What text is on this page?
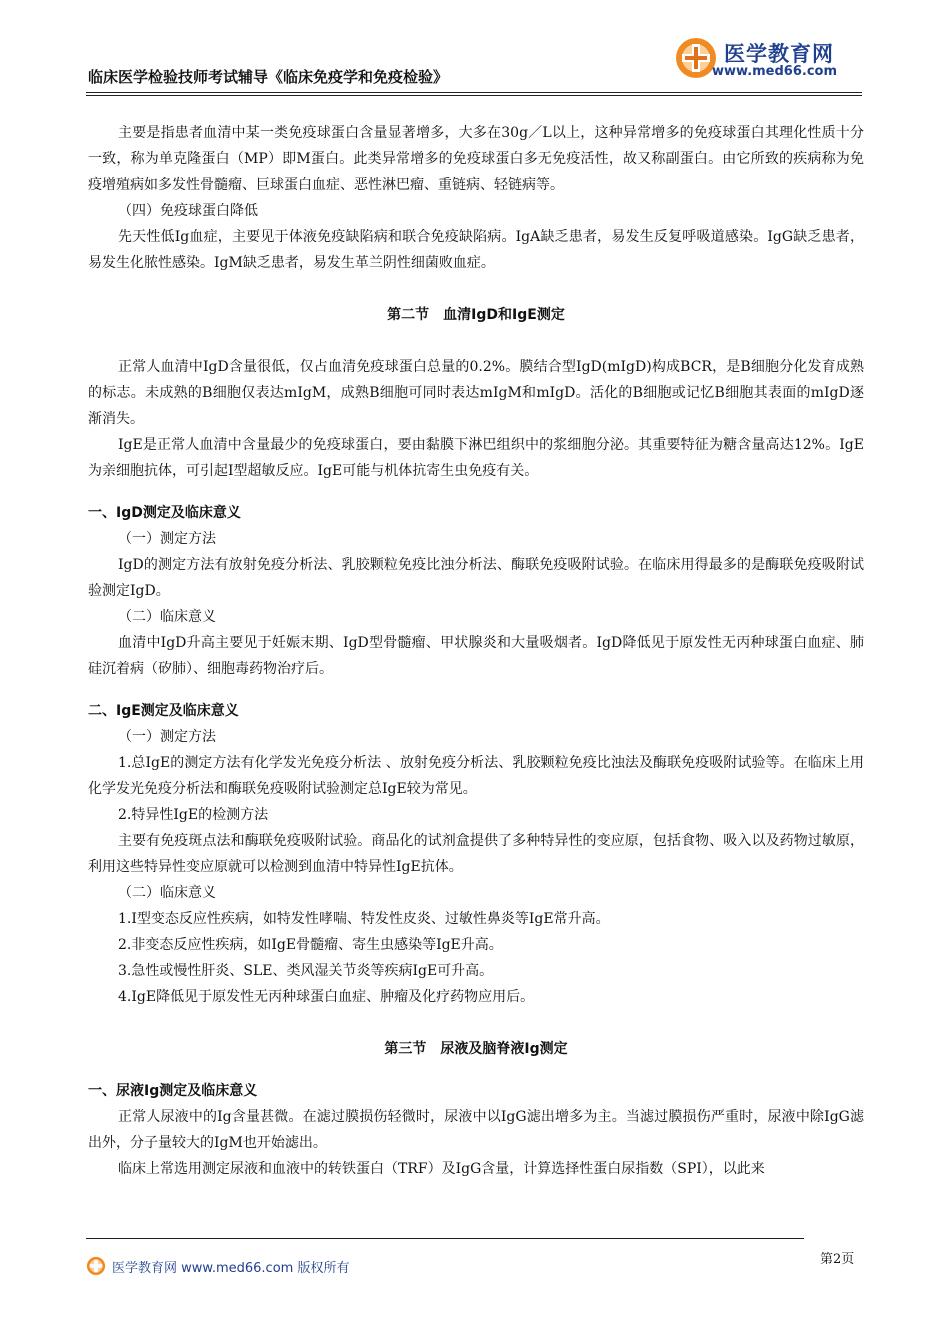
临床医学检验技师考试辅导《临床免疫学和免疫检验》
医学教育网
www.med66.com

主要是指患者血清中某一类免疫球蛋白含量显著增多，大多在30g／L以上，这种异常增多的免疫球蛋白其理化性质十分一致，称为单克隆蛋白（MP）即M蛋白。此类异常增多的免疫球蛋白多无免疫活性，故又称副蛋白。由它所致的疾病称为免疫增殖病如多发性骨髓瘤、巨球蛋白血症、恶性淋巴瘤、重链病、轻链病等。

（四）免疫球蛋白降低

先天性低Ig血症，主要见于体液免疫缺陷病和联合免疫缺陷病。IgA缺乏患者，易发生反复呼吸道感染。IgG缺乏患者，易发生化脓性感染。IgM缺乏患者，易发生革兰阴性细菌败血症。

第二节　血清IgD和IgE测定

正常人血清中IgD含量很低，仅占血清免疫球蛋白总量的0.2%。膜结合型IgD(mIgD)构成BCR，是B细胞分化发育成熟的标志。未成熟的B细胞仅表达mIgM，成熟B细胞可同时表达mIgM和mIgD。活化的B细胞或记忆B细胞其表面的mIgD逐渐消失。

IgE是正常人血清中含量最少的免疫球蛋白，要由黏膜下淋巴组织中的浆细胞分泌。其重要特征为糖含量高达12%。IgE为亲细胞抗体，可引起Ⅰ型超敏反应。IgE可能与机体抗寄生虫免疫有关。

一、IgD测定及临床意义

（一）测定方法

IgD的测定方法有放射免疫分析法、乳胶颗粒免疫比浊分析法、酶联免疫吸附试验。在临床用得最多的是酶联免疫吸附试验测定IgD。

（二）临床意义

血清中IgD升高主要见于妊娠末期、IgD型骨髓瘤、甲状腺炎和大量吸烟者。IgD降低见于原发性无丙种球蛋白血症、肺硅沉着病（矽肺）、细胞毒药物治疗后。

二、IgE测定及临床意义

（一）测定方法

1.总IgE的测定方法有化学发光免疫分析法 、放射免疫分析法、乳胶颗粒免疫比浊法及酶联免疫吸附试验等。在临床上用化学发光免疫分析法和酶联免疫吸附试验测定总IgE较为常见。

2.特异性IgE的检测方法

主要有免疫斑点法和酶联免疫吸附试验。商品化的试剂盒提供了多种特异性的变应原，包括食物、吸入以及药物过敏原，利用这些特异性变应原就可以检测到血清中特异性IgE抗体。

（二）临床意义

1.Ⅰ型变态反应性疾病，如特发性哮喘、特发性皮炎、过敏性鼻炎等IgE常升高。

2.非变态反应性疾病，如IgE骨髓瘤、寄生虫感染等IgE升高。

3.急性或慢性肝炎、SLE、类风湿关节炎等疾病IgE可升高。

4.IgE降低见于原发性无丙种球蛋白血症、肿瘤及化疗药物应用后。

第三节　尿液及脑脊液Ig测定

一、尿液Ig测定及临床意义

正常人尿液中的Ig含量甚微。在滤过膜损伤轻微时，尿液中以IgG滤出增多为主。当滤过膜损伤严重时，尿液中除IgG滤出外，分子量较大的IgM也开始滤出。

临床上常选用测定尿液和血液中的转铁蛋白（TRF）及IgG含量，计算选择性蛋白尿指数（SPI），以此来

医学教育网 www.med66.com 版权所有
第2页
